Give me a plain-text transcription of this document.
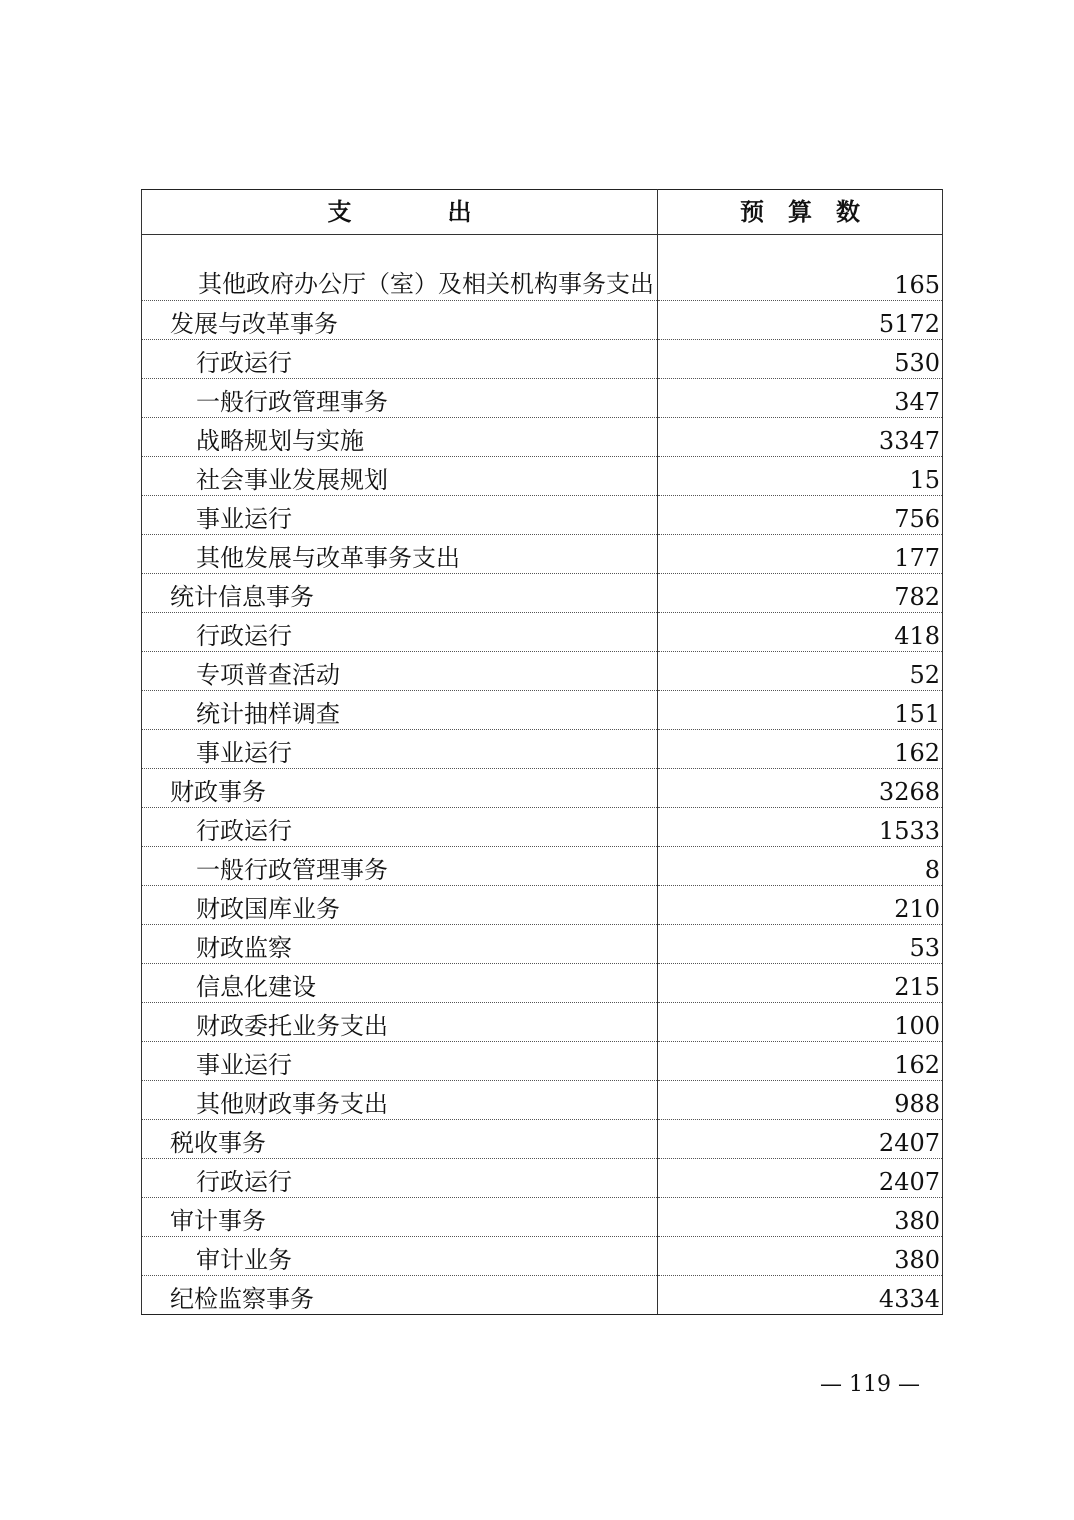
支　　　　出	预　算　数
其他政府办公厅（室）及相关机构事务支出	165
发展与改革事务	5172
行政运行	530
一般行政管理事务	347
战略规划与实施	3347
社会事业发展规划	15
事业运行	756
其他发展与改革事务支出	177
统计信息事务	782
行政运行	418
专项普查活动	52
统计抽样调查	151
事业运行	162
财政事务	3268
行政运行	1533
一般行政管理事务	8
财政国库业务	210
财政监察	53
信息化建设	215
财政委托业务支出	100
事业运行	162
其他财政事务支出	988
税收事务	2407
行政运行	2407
审计事务	380
审计业务	380
纪检监察事务	4334
— 119 —
